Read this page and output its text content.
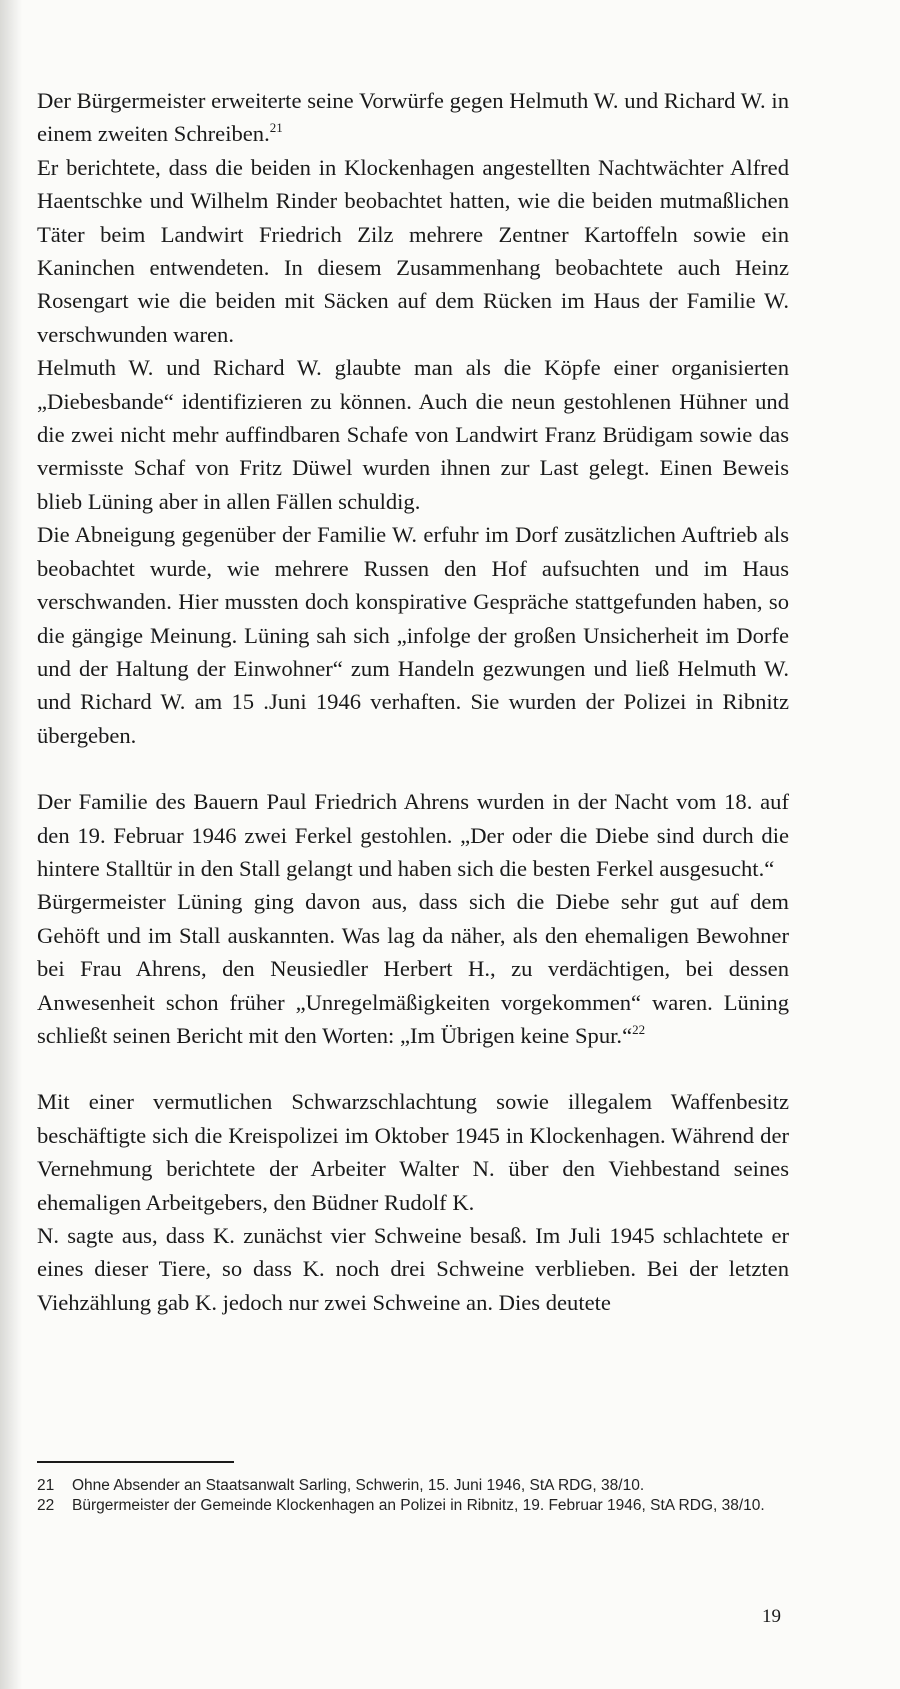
Der Bürgermeister erweiterte seine Vorwürfe gegen Helmuth W. und Richard W. in einem zweiten Schreiben.$^{21}$

Er berichtete, dass die beiden in Klockenhagen angestellten Nachtwächter Alfred Haentschke und Wilhelm Rinder beobachtet hatten, wie die beiden mutmaßlichen Täter beim Landwirt Friedrich Zilz mehrere Zentner Kartoffeln sowie ein Kaninchen entwendeten. In diesem Zusammenhang beobachtete auch Heinz Rosengart wie die beiden mit Säcken auf dem Rücken im Haus der Familie W. verschwunden waren.

Helmuth W. und Richard W. glaubte man als die Köpfe einer organisierten „Diebesbande“ identifizieren zu können. Auch die neun gestohlenen Hühner und die zwei nicht mehr auffindbaren Schafe von Landwirt Franz Brüdigam sowie das vermisste Schaf von Fritz Düwel wurden ihnen zur Last gelegt. Einen Beweis blieb Lüning aber in allen Fällen schuldig.

Die Abneigung gegenüber der Familie W. erfuhr im Dorf zusätzlichen Auftrieb als beobachtet wurde, wie mehrere Russen den Hof aufsuchten und im Haus verschwanden. Hier mussten doch konspirative Gespräche stattgefunden haben, so die gängige Meinung. Lüning sah sich „infolge der großen Unsicherheit im Dorfe und der Haltung der Einwohner“ zum Handeln gezwungen und ließ Helmuth W. und Richard W. am 15 .Juni 1946 verhaften. Sie wurden der Polizei in Ribnitz übergeben.

Der Familie des Bauern Paul Friedrich Ahrens wurden in der Nacht vom 18. auf den 19. Februar 1946 zwei Ferkel gestohlen. „Der oder die Diebe sind durch die hintere Stalltür in den Stall gelangt und haben sich die besten Ferkel ausgesucht.“

Bürgermeister Lüning ging davon aus, dass sich die Diebe sehr gut auf dem Gehöft und im Stall auskannten. Was lag da näher, als den ehemaligen Bewohner bei Frau Ahrens, den Neusiedler Herbert H., zu verdächtigen, bei dessen Anwesenheit schon früher „Unregelmäßigkeiten vorgekommen“ waren. Lüning schließt seinen Bericht mit den Worten: „Im Übrigen keine Spur.“$^{22}$

Mit einer vermutlichen Schwarzschlachtung sowie illegalem Waffenbesitz beschäftigte sich die Kreispolizei im Oktober 1945 in Klockenhagen. Während der Vernehmung berichtete der Arbeiter Walter N. über den Viehbestand seines ehemaligen Arbeitgebers, den Büdner Rudolf K.

N. sagte aus, dass K. zunächst vier Schweine besaß. Im Juli 1945 schlachtete er eines dieser Tiere, so dass K. noch drei Schweine verblieben. Bei der letzten Viehzählung gab K. jedoch nur zwei Schweine an. Dies deutete

21	Ohne Absender an Staatsanwalt Sarling, Schwerin, 15. Juni 1946, StA RDG, 38/10.
22	Bürgermeister der Gemeinde Klockenhagen an Polizei in Ribnitz, 19. Februar 1946, StA RDG, 38/10.
19
